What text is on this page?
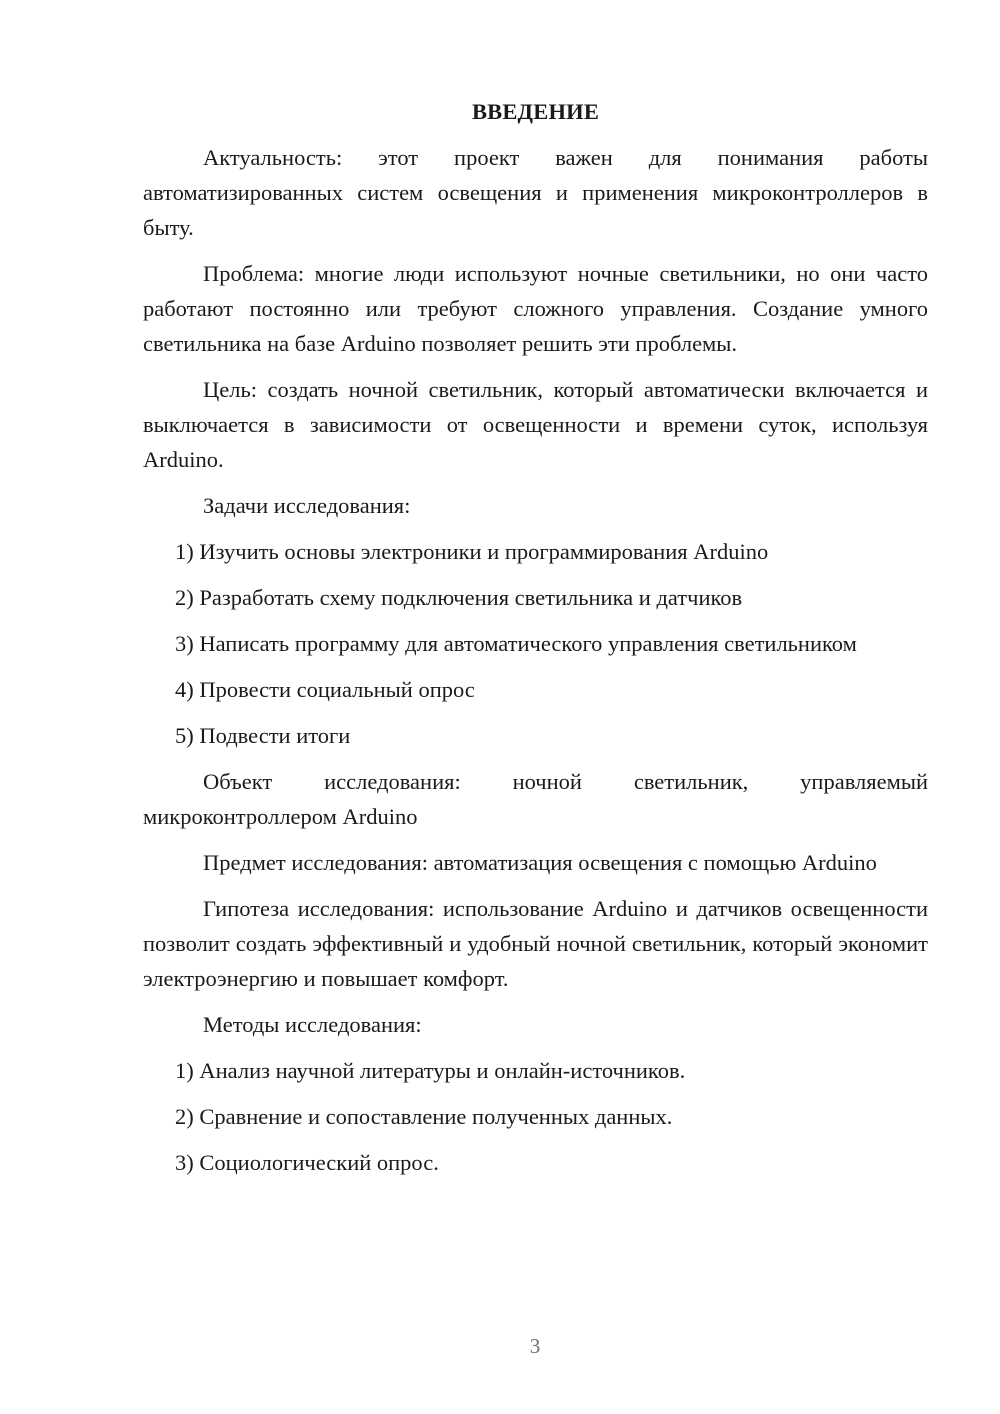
ВВЕДЕНИЕ

Актуальность: этот проект важен для понимания работы автоматизированных систем освещения и применения микроконтроллеров в быту.

Проблема: многие люди используют ночные светильники, но они часто работают постоянно или требуют сложного управления. Создание умного светильника на базе Arduino позволяет решить эти проблемы.

Цель: создать ночной светильник, который автоматически включается и выключается в зависимости от освещенности и времени суток, используя Arduino.

Задачи исследования:

1) Изучить основы электроники и программирования Arduino

2) Разработать схему подключения светильника и датчиков

3) Написать программу для автоматического управления светильником

4) Провести социальный опрос

5) Подвести итоги

Объект исследования: ночной светильник, управляемый микроконтроллером Arduino

Предмет исследования: автоматизация освещения с помощью Arduino

Гипотеза исследования: использование Arduino и датчиков освещенности позволит создать эффективный и удобный ночной светильник, который экономит электроэнергию и повышает комфорт.

Методы исследования:

1) Анализ научной литературы и онлайн-источников.

2) Сравнение и сопоставление полученных данных.

3) Социологический опрос.

3
